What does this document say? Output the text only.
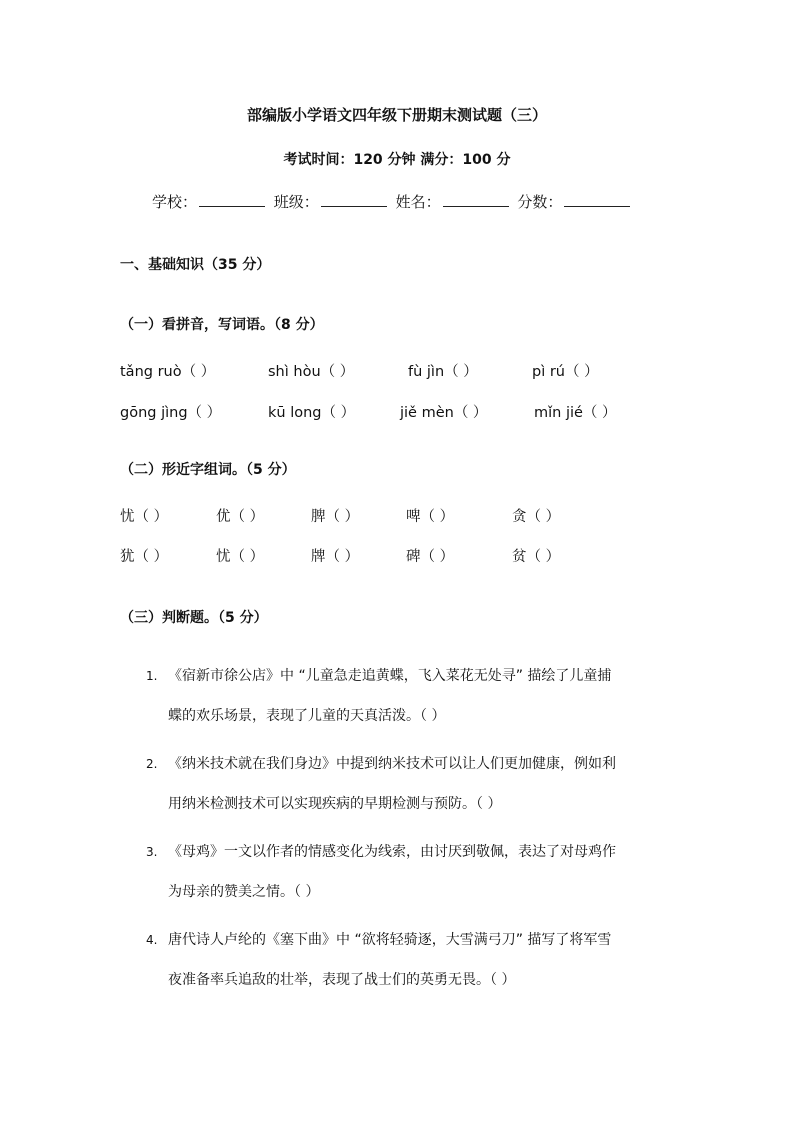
部编版小学语文四年级下册期末测试题（三）
考试时间：120 分钟 满分：100 分
学校：	班级：	姓名：	分数：
一、基础知识（35 分）
（一）看拼音，写词语。（8 分）
tǎng ruò（ ）	shì hòu（ ）	fù jìn（ ）	pì rú（ ）
gōng jìng（ ）	kū long（ ）	jiě mèn（ ）	mǐn jié（ ）
（二）形近字组词。（5 分）
忧（ ）	优（ ）	脾（ ）	啤（ ）	贪（ ）
犹（ ）	忧（ ）	牌（ ）	碑（ ）	贫（ ）
（三）判断题。（5 分）
1. 《宿新市徐公店》中 “儿童急走追黄蝶，飞入菜花无处寻” 描绘了儿童捕
蝶的欢乐场景，表现了儿童的天真活泼。（ ）
2. 《纳米技术就在我们身边》中提到纳米技术可以让人们更加健康，例如利
用纳米检测技术可以实现疾病的早期检测与预防。（ ）
3. 《母鸡》一文以作者的情感变化为线索，由讨厌到敬佩，表达了对母鸡作
为母亲的赞美之情。（ ）
4. 唐代诗人卢纶的《塞下曲》中 “欲将轻骑逐，大雪满弓刀” 描写了将军雪
夜准备率兵追敌的壮举，表现了战士们的英勇无畏。（ ）
